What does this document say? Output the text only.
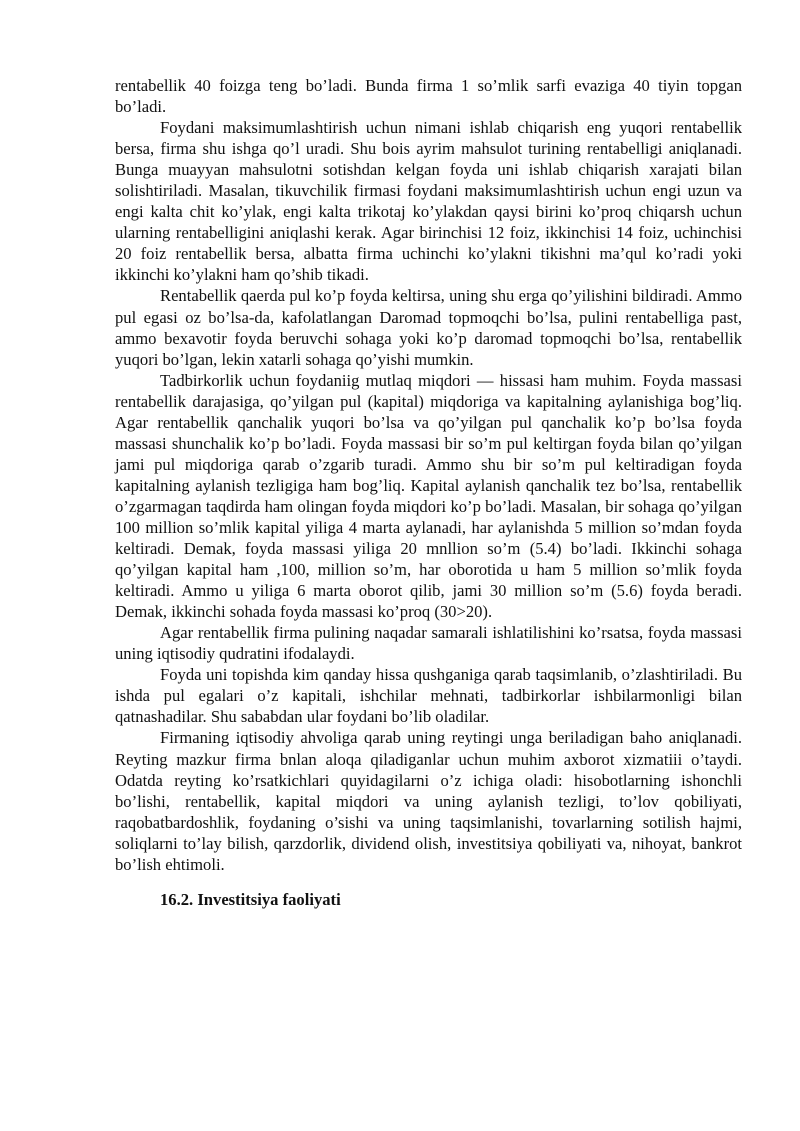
rentabellik 40 foizga teng bo’ladi. Bunda firma 1 so’mlik sarfi evaziga 40 tiyin topgan bo’ladi.

Foydani maksimumlashtirish uchun nimani ishlab chiqarish eng yuqori rentabellik bersa, firma shu ishga qo’l uradi. Shu bois ayrim mahsulot turining rentabelligi aniqlanadi. Bunga muayyan mahsulotni sotishdan kelgan foyda uni ishlab chiqarish xarajati bilan solishtiriladi. Masalan, tikuvchilik firmasi foydani maksimumlashtirish uchun engi uzun va engi kalta chit ko’ylak, engi kalta trikotaj ko’ylakdan qaysi birini ko’proq chiqarsh uchun ularning rentabelligini aniqlashi kerak. Agar birinchisi 12 foiz, ikkinchisi 14 foiz, uchinchisi 20 foiz rentabellik bersa, albatta firma uchinchi ko’ylakni tikishni ma’qul ko’radi yoki ikkinchi ko’ylakni ham qo’shib tikadi.

Rentabellik qaerda pul ko’p foyda keltirsa, uning shu erga qo’yilishini bildiradi. Ammo pul egasi oz bo’lsa-da, kafolatlangan Daromad topmoqchi bo’lsa, pulini rentabelliga past, ammo bexavotir foyda beruvchi sohaga yoki ko’p daromad topmoqchi bo’lsa, rentabellik yuqori bo’lgan, lekin xatarli sohaga qo’yishi mumkin.

Tadbirkorlik uchun foydaniig mutlaq miqdori — hissasi ham muhim. Foyda massasi rentabellik darajasiga, qo’yilgan pul (kapital) miqdoriga va kapitalning aylanishiga bog’liq. Agar rentabellik qanchalik yuqori bo’lsa va qo’yilgan pul qanchalik ko’p bo’lsa foyda massasi shunchalik ko’p bo’ladi. Foyda massasi bir so’m pul keltirgan foyda bilan qo’yilgan jami pul miqdoriga qarab o’zgarib turadi. Ammo shu bir so’m pul keltiradigan foyda kapitalning aylanish tezligiga ham bog’liq. Kapital aylanish qanchalik tez bo’lsa, rentabellik o’zgarmagan taqdirda ham olingan foyda miqdori ko’p bo’ladi. Masalan, bir sohaga qo’yilgan 100 million so’mlik kapital yiliga 4 marta aylanadi, har aylanishda 5 million so’mdan foyda keltiradi. Demak, foyda massasi yiliga 20 mnllion so’m (5.4) bo’ladi. Ikkinchi sohaga qo’yilgan kapital ham ,100, million so’m, har oborotida u ham 5 million so’mlik foyda keltiradi. Ammo u yiliga 6 marta oborot qilib, jami 30 million so’m (5.6) foyda beradi. Demak, ikkinchi sohada foyda massasi ko’proq (30>20).

Agar rentabellik firma pulining naqadar samarali ishlatilishini ko’rsatsa, foyda massasi uning iqtisodiy qudratini ifodalaydi.

Foyda uni topishda kim qanday hissa qushganiga qarab taqsimlanib, o’zlashtiriladi. Bu ishda pul egalari o’z kapitali, ishchilar mehnati, tadbirkorlar ishbilarmonligi bilan qatnashadilar. Shu sababdan ular foydani bo’lib oladilar.

Firmaning iqtisodiy ahvoliga qarab uning reytingi unga beriladigan baho aniqlanadi. Reyting mazkur firma bnlan aloqa qiladiganlar uchun muhim axborot xizmatiii o’taydi. Odatda reyting ko’rsatkichlari quyidagilarni o’z ichiga oladi: hisobotlarning ishonchli bo’lishi, rentabellik, kapital miqdori va uning aylanish tezligi, to’lov qobiliyati, raqobatbardoshlik, foydaning o’sishi va uning taqsimlanishi, tovarlarning sotilish hajmi, soliqlarni to’lay bilish, qarzdorlik, dividend olish, investitsiya qobiliyati va, nihoyat, bankrot bo’lish ehtimoli.

16.2. Investitsiya faoliyati
